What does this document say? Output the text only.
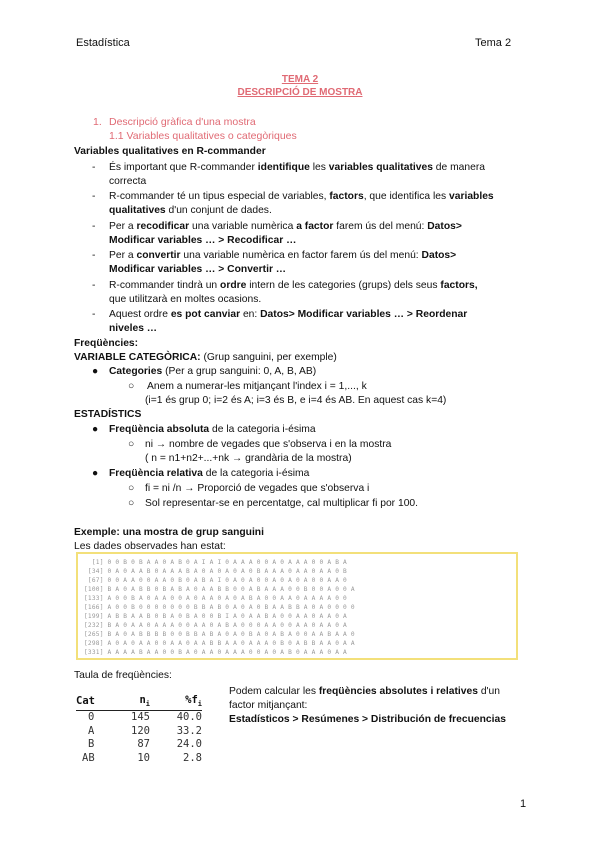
Estadística	Tema 2
TEMA 2
DESCRIPCIÓ DE MOSTRA
1. Descripció gràfica d'una mostra
1.1 Variables qualitatives o categòriques
Variables qualitatives en R-commander
- És important que R-commander identifique les variables qualitatives de manera
correcta
- R-commander té un tipus especial de variables, factors, que identifica les variables
qualitatives d'un conjunt de dades.
- Per a recodificar una variable numèrica a factor farem ús del menú: Datos>
Modificar variables … > Recodificar …
- Per a convertir una variable numèrica en factor farem ús del menú: Datos>
Modificar variables … > Convertir …
- R-commander tindrà un ordre intern de les categories (grups) dels seus factors,
que utilitzarà en moltes ocasions.
- Aquest ordre es pot canviar en: Datos> Modificar variables … > Reordenar
niveles …
Freqüències:
VARIABLE CATEGÒRICA: (Grup sanguini, per exemple)
● Categories (Per a grup sanguini: 0, A, B, AB)
○ Anem a numerar-les mitjançant l'index i = 1,..., k
(i=1 és grup 0; i=2 és A; i=3 és B, e i=4 és AB. En aquest cas k=4)
ESTADÍSTICS
● Freqüència absoluta de la categoria i-ésima
○ ni → nombre de vegades que s'observa i en la mostra
( n = n1+n2+...+nk → grandària de la mostra)
● Freqüència relativa de la categoria i-ésima
○ fi = ni /n → Proporció de vegades que s'observa i
○ Sol representar-se en percentatge, cal multiplicar fi por 100.
Exemple: una mostra de grup sanguini
Les dades observades han estat:
[1] 0 0 B 0 B A A 0 A B 0 A I A I 0 A A A 0 0 A 0 A A A 0 0 A B A
[34] 0 A 0 A A B 0 A A A B A 0 A 0 A 0 A 0 B A A A 0 A A 0 A A 0 B
[67] 0 0 A A 0 0 A A 0 B 0 A B A I 0 A 0 A 0 0 A 0 A 0 A 0 0 A A 0
[100] B A 0 A B B 0 B A B A 0 A A B B 0 0 A B A A A 0 0 B 0 0 A 0 0 A
[133] A 0 0 B A 0 A A 0 0 A 0 A A 0 A 0 A B A 0 0 A A 0 A A A A 0 0
[166] A 0 0 B 0 0 0 0 0 0 0 B B A B 0 A 0 A 0 B A A B B A 0 A 0 0 0 0
[199] A B B A A B 0 B A 0 B A 0 0 B I A 0 A A B A 0 0 A A 0 A A 0 A
[232] B A 0 A A 0 A A A 0 0 A A 0 A B A 0 0 0 A A 0 0 A A 0 A A 0 A
[265] B A 0 A B B B B 0 0 B B A B A 0 A 0 B A 0 A B A 0 0 A A B A A 0
[298] A 0 A 0 A A 0 0 A A 0 A A B B A A 0 A A A 0 B 0 A B B A A 0 A A
[331] A A A A B A A 0 0 B A 0 A A 0 A A A 0 0 A 0 A B 0 A A A 0 A A
Taula de freqüències:
Cat	$n_i$	$\%f_i$
0	145	40.0
A	120	33.2
B	87	24.0
AB	10	2.8
Podem calcular les freqüències absolutes i relatives d'un
factor mitjançant:
Estadísticos > Resúmenes > Distribución de frecuencias
1
